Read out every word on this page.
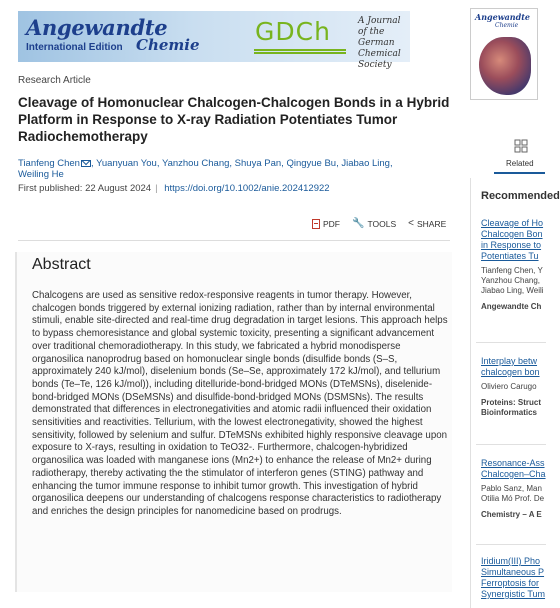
Angewandte
International Edition Chemie GDCh	A Journal of the German Chemical Society
Research Article
Cleavage of Homonuclear Chalcogen-Chalcogen Bonds in a Hybrid Platform in Response to X-ray Radiation Potentiates Tumor Radiochemotherapy
Tianfeng Chen , Yuanyuan You, Yanzhou Chang, Shuya Pan, Qingyue Bu, Jiabao Ling, Weiling He
First published: 22 August 2024 | https://doi.org/10.1002/anie.202412922
PDF 🔧 TOOLS < SHARE
Abstract

Chalcogens are used as sensitive redox-responsive reagents in tumor therapy. However, chalcogen bonds triggered by external ionizing radiation, rather than by internal environmental stimuli, enable site-directed and real-time drug degradation in target lesions. This approach helps to bypass chemoresistance and global systemic toxicity, presenting a significant advancement over traditional chemoradiotherapy. In this study, we fabricated a hybrid monodisperse organosilica nanoprodrug based on homonuclear single bonds (disulfide bonds (S–S, approximately 240 kJ/mol), diselenium bonds (Se–Se, approximately 172 kJ/mol), and tellurium bonds (Te–Te, 126 kJ/mol)), including ditelluride-bond-bridged MONs (DTeMSNs), diselenide-bond-bridged MONs (DSeMSNs) and disulfide-bond-bridged MONs (DSMSNs). The results demonstrated that differences in electronegativities and atomic radii influenced their oxidation sensitivities and reactivities. Tellurium, with the lowest electronegativity, showed the highest sensitivity, followed by selenium and sulfur. DTeMSNs exhibited highly responsive cleavage upon exposure to X-rays, resulting in oxidation to TeO32-. Furthermore, chalcogen-hybridized organosilica was loaded with manganese ions (Mn2+) to enhance the release of Mn2+ during radiotherapy, thereby activating the the stimulator of interferon genes (STING) pathway and enhancing the tumor immune response to inhibit tumor growth. This investigation of hybrid organosilica deepens our understanding of chalcogens response characteristics to radiotherapy and enriches the design principles for nanomedicine based on prodrugs.

Angewandte
Chemie
Related
Recommended
Cleavage of Ho
Chalcogen Bon
in Response to
Potentiates Tu
Tianfeng Chen, Y
Yanzhou Chang,
Jiabao Ling, Weili
Angewandte Ch
Interplay betw
chalcogen bon
Oliviero Carugo
Proteins: Struct
Bioinformatics
Resonance-Ass
Chalcogen–Cha
Pablo Sanz, Man
Otilia Mó Prof. De
Chemistry – A E
Iridium(III) Pho
Simultaneous P
Ferroptosis for
Synergistic Tum
